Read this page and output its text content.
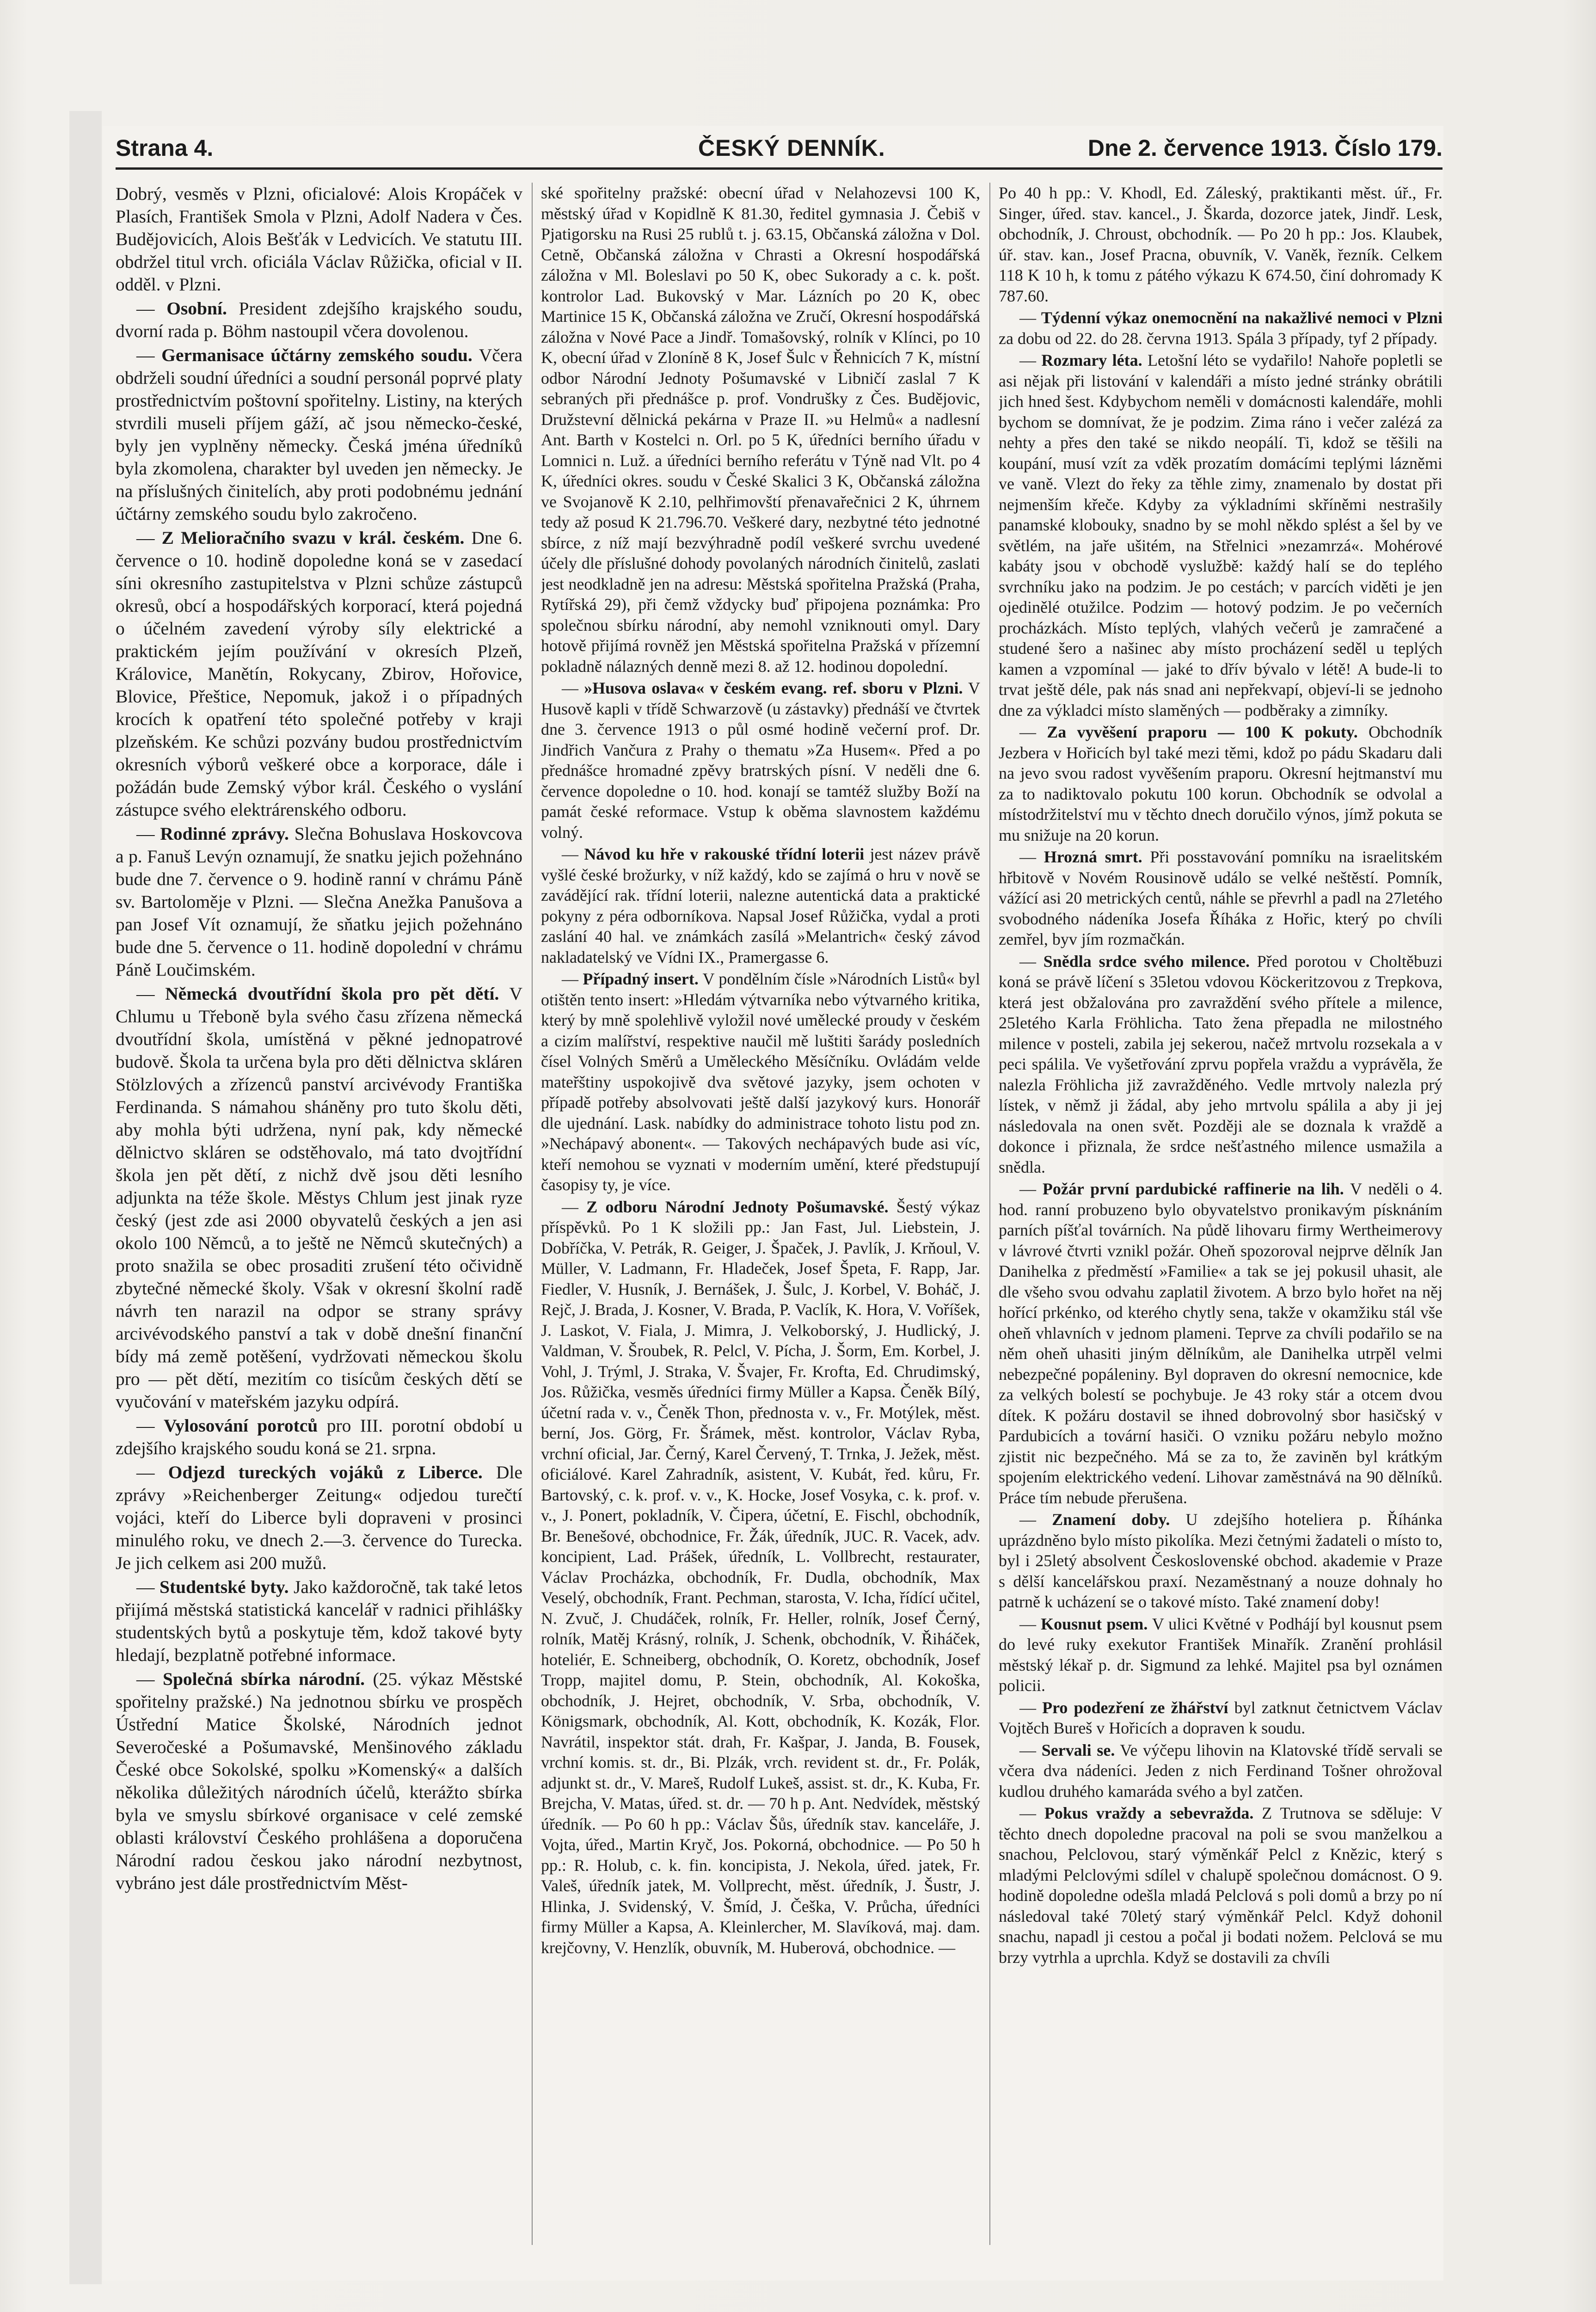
Strana 4.	ČESKÝ DENNÍK.	Dne 2. července 1913. Číslo 179.

Dobrý, vesměs v Plzni, oficialové: Alois Kropáček v Plasích, František Smola v Plzni, Adolf Nadera v Čes. Budějovicích, Alois Bešťák v Ledvicích. Ve statutu III. obdržel titul vrch. oficiála Václav Růžička, oficial v II. odděl. v Plzni.

— Osobní. President zdejšího krajského soudu, dvorní rada p. Böhm nastoupil včera dovolenou.

— Germanisace účtárny zemského soudu. Včera obdrželi soudní úředníci a soudní personál poprvé platy prostřednictvím poštovní spořitelny. Listiny, na kterých stvrdili museli příjem gáží, ač jsou německo-české, byly jen vyplněny německy. Česká jména úředníků byla zkomolena, charakter byl uveden jen německy. Je na příslušných činitelích, aby proti podobnému jednání účtárny zemského soudu bylo zakročeno.

— Z Melioračního svazu v král. českém. Dne 6. července o 10. hodině dopoledne koná se v zasedací síni okresního zastupitelstva v Plzni schůze zástupců okresů, obcí a hospodářských korporací, která pojedná o účelném zavedení výroby síly elektrické a praktickém jejím používání v okresích Plzeň, Královice, Manětín, Rokycany, Zbirov, Hořovice, Blovice, Přeštice, Nepomuk, jakož i o případných krocích k opatření této společné potřeby v kraji plzeňském. Ke schůzi pozvány budou prostřednictvím okresních výborů veškeré obce a korporace, dále i požádán bude Zemský výbor král. Českého o vyslání zástupce svého elektrárenského odboru.

— Rodinné zprávy. Slečna Bohuslava Hoskovcova a p. Fanuš Levýn oznamují, že snatku jejich požehnáno bude dne 7. července o 9. hodině ranní v chrámu Páně sv. Bartoloměje v Plzni. — Slečna Anežka Panušova a pan Josef Vít oznamují, že sňatku jejich požehnáno bude dne 5. července o 11. hodině dopolední v chrámu Páně Loučimském.

— Německá dvoutřídní škola pro pět dětí. V Chlumu u Třeboně byla svého času zřízena německá dvoutřídní škola, umístěná v pěkné jednopatrové budově. Škola ta určena byla pro děti dělnictva skláren Stölzlových a zřízenců panství arcivévody Františka Ferdinanda. S námahou sháněny pro tuto školu děti, aby mohla býti udržena, nyní pak, kdy německé dělnictvo skláren se odstěhovalo, má tato dvojtřídní škola jen pět dětí, z nichž dvě jsou děti lesního adjunkta na téže škole. Městys Chlum jest jinak ryze český (jest zde asi 2000 obyvatelů českých a jen asi okolo 100 Němců, a to ještě ne Němců skutečných) a proto snažila se obec prosaditi zrušení této očividně zbytečné německé školy. Však v okresní školní radě návrh ten narazil na odpor se strany správy arcivévodského panství a tak v době dnešní finanční bídy má země potěšení, vydržovati německou školu pro — pět dětí, mezitím co tisícům českých dětí se vyučování v mateřském jazyku odpírá.

— Vylosování porotců pro III. porotní období u zdejšího krajského soudu koná se 21. srpna.

— Odjezd tureckých vojáků z Liberce. Dle zprávy »Reichenberger Zeitung« odjedou turečtí vojáci, kteří do Liberce byli dopraveni v prosinci minulého roku, ve dnech 2.—3. července do Turecka. Je jich celkem asi 200 mužů.

— Studentské byty. Jako každoročně, tak také letos přijímá městská statistická kancelář v radnici přihlášky studentských bytů a poskytuje těm, kdož takové byty hledají, bezplatně potřebné informace.

— Společná sbírka národní. (25. výkaz Městské spořitelny pražské.) Na jednotnou sbírku ve prospěch Ústřední Matice Školské, Národních jednot Severočeské a Pošumavské, Menšinového základu České obce Sokolské, spolku »Komenský« a dalších několika důležitých národních účelů, kterážto sbírka byla ve smyslu sbírkové organisace v celé zemské oblasti království Českého prohlášena a doporučena Národní radou českou jako národní nezbytnost, vybráno jest dále prostřednictvím Měst-

ské spořitelny pražské: obecní úřad v Nelahozevsi 100 K, městský úřad v Kopidlně K 81.30, ředitel gymnasia J. Čebiš v Pjatigorsku na Rusi 25 rublů t. j. 63.15, Občanská záložna v Dol. Cetně, Občanská záložna v Chrasti a Okresní hospodářská záložna v Ml. Boleslavi po 50 K, obec Sukorady a c. k. pošt. kontrolor Lad. Bukovský v Mar. Lázních po 20 K, obec Martinice 15 K, Občanská záložna ve Zručí, Okresní hospodářská záložna v Nové Pace a Jindř. Tomašovský, rolník v Klínci, po 10 K, obecní úřad v Zloníně 8 K, Josef Šulc v Řehnicích 7 K, místní odbor Národní Jednoty Pošumavské v Libničí zaslal 7 K sebraných při přednášce p. prof. Vondrušky z Čes. Budějovic, Družstevní dělnická pekárna v Praze II. »u Helmů« a nadlesní Ant. Barth v Kostelci n. Orl. po 5 K, úředníci berního úřadu v Lomnici n. Luž. a úředníci berního referátu v Týně nad Vlt. po 4 K, úředníci okres. soudu v České Skalici 3 K, Občanská záložna ve Svojanově K 2.10, pelhřimovští přenavařečnici 2 K, úhrnem tedy až posud K 21.796.70. Veškeré dary, nezbytné této jednotné sbírce, z níž mají bezvýhradně podíl veškeré svrchu uvedené účely dle příslušné dohody povolaných národních činitelů, zaslati jest neodkladně jen na adresu: Městská spořitelna Pražská (Praha, Rytířská 29), při čemž vždycky buď připojena poznámka: Pro společnou sbírku národní, aby nemohl vzniknouti omyl. Dary hotově přijímá rovněž jen Městská spořitelna Pražská v přízemní pokladně nálazných denně mezi 8. až 12. hodinou dopolední.

— »Husova oslava« v českém evang. ref. sboru v Plzni. V Husově kapli v třídě Schwarzově (u zástavky) přednáší ve čtvrtek dne 3. července 1913 o půl osmé hodině večerní prof. Dr. Jindřich Vančura z Prahy o thematu »Za Husem«. Před a po přednášce hromadné zpěvy bratrských písní. V neděli dne 6. července dopoledne o 10. hod. konají se tamtéž služby Boží na památ české reformace. Vstup k oběma slavnostem každému volný.

— Návod ku hře v rakouské třídní loterii jest název právě vyšlé české brožurky, v níž každý, kdo se zajímá o hru v nově se zavádějící rak. třídní loterii, nalezne autentická data a praktické pokyny z péra odborníkova. Napsal Josef Růžička, vydal a proti zaslání 40 hal. ve známkách zasílá »Melantrich« český závod nakladatelský ve Vídni IX., Pramergasse 6.

— Případný insert. V pondělním čísle »Národních Listů« byl otištěn tento insert: »Hledám výtvarníka nebo výtvarného kritika, který by mně spolehlivě vyložil nové umělecké proudy v českém a cizím malířství, respektive naučil mě luštiti šarády posledních čísel Volných Směrů a Uměleckého Měsíčníku. Ovládám velde mateřštiny uspokojivě dva světové jazyky, jsem ochoten v případě potřeby absolvovati ještě další jazykový kurs. Honorář dle ujednání. Lask. nabídky do administrace tohoto listu pod zn. »Nechápavý abonent«. — Takových nechápavých bude asi víc, kteří nemohou se vyznati v moderním umění, které předstupují časopisy ty, je více.

— Z odboru Národní Jednoty Pošumavské. Šestý výkaz příspěvků. Po 1 K složili pp.: Jan Fast, Jul. Liebstein, J. Dobříčka, V. Petrák, R. Geiger, J. Špaček, J. Pavlík, J. Krňoul, V. Müller, V. Ladmann, Fr. Hladeček, Josef Špeta, F. Rapp, Jar. Fiedler, V. Husník, J. Bernášek, J. Šulc, J. Korbel, V. Boháč, J. Rejč, J. Brada, J. Kosner, V. Brada, P. Vaclík, K. Hora, V. Voříšek, J. Laskot, V. Fiala, J. Mimra, J. Velkoborský, J. Hudlický, J. Valdman, V. Šroubek, R. Pelcl, V. Pícha, J. Šorm, Em. Korbel, J. Vohl, J. Trýml, J. Straka, V. Švajer, Fr. Krofta, Ed. Chrudimský, Jos. Růžička, vesměs úředníci firmy Müller a Kapsa. Čeněk Bílý, účetní rada v. v., Čeněk Thon, přednosta v. v., Fr. Motýlek, měst. berní, Jos. Görg, Fr. Šrámek, měst. kontrolor, Václav Ryba, vrchní oficial, Jar. Černý, Karel Červený, T. Trnka, J. Ježek, měst. oficiálové. Karel Zahradník, asistent, V. Kubát, řed. kůru, Fr. Bartovský, c. k. prof. v. v., K. Hocke, Josef Vosyka, c. k. prof. v. v., J. Ponert, pokladník, V. Čipera, účetní, E. Fischl, obchodník, Br. Benešové, obchodnice, Fr. Žák, úředník, JUC. R. Vacek, adv. koncipient, Lad. Prášek, úředník, L. Vollbrecht, restaurater, Václav Procházka, obchodník, Fr. Dudla, obchodník, Max Veselý, obchodník, Frant. Pechman, starosta, V. Icha, řídící učitel, N. Zvuč, J. Chudáček, rolník, Fr. Heller, rolník, Josef Černý, rolník, Matěj Krásný, rolník, J. Schenk, obchodník, V. Řiháček, hoteliér, E. Schneiberg, obchodník, O. Koretz, obchodník, Josef Tropp, majitel domu, P. Stein, obchodník, Al. Kokoška, obchodník, J. Hejret, obchodník, V. Srba, obchodník, V. Königsmark, obchodník, Al. Kott, obchodník, K. Kozák, Flor. Navrátil, inspektor stát. drah, Fr. Kašpar, J. Janda, B. Fousek, vrchní komis. st. dr., Bi. Plzák, vrch. revident st. dr., Fr. Polák, adjunkt st. dr., V. Mareš, Rudolf Lukeš, assist. st. dr., K. Kuba, Fr. Brejcha, V. Matas, úřed. st. dr. — 70 h p. Ant. Nedvídek, městský úředník. — Po 60 h pp.: Václav Šůs, úředník stav. kanceláře, J. Vojta, úřed., Martin Kryč, Jos. Pokorná, obchodnice. — Po 50 h pp.: R. Holub, c. k. fin. koncipista, J. Nekola, úřed. jatek, Fr. Valeš, úředník jatek, M. Vollprecht, měst. úředník, J. Šustr, J. Hlinka, J. Svidenský, V. Šmíd, J. Češka, V. Průcha, úředníci firmy Müller a Kapsa, A. Kleinlercher, M. Slavíková, maj. dam. krejčovny, V. Henzlík, obuvník, M. Huberová, obchodnice. —

Po 40 h pp.: V. Khodl, Ed. Záleský, praktikanti měst. úř., Fr. Singer, úřed. stav. kancel., J. Škarda, dozorce jatek, Jindř. Lesk, obchodník, J. Chroust, obchodník. — Po 20 h pp.: Jos. Klaubek, úř. stav. kan., Josef Pracna, obuvník, V. Vaněk, řezník. Celkem 118 K 10 h, k tomu z pátého výkazu K 674.50, činí dohromady K 787.60.

— Týdenní výkaz onemocnění na nakažlivé nemoci v Plzni za dobu od 22. do 28. června 1913. Spála 3 případy, tyf 2 případy.

— Rozmary léta. Letošní léto se vydařilo! Nahoře popletli se asi nějak při listování v kalendáři a místo jedné stránky obrátili jich hned šest. Kdybychom neměli v domácnosti kalendáře, mohli bychom se domnívat, že je podzim. Zima ráno i večer zalézá za nehty a přes den také se nikdo neopálí. Ti, kdož se těšili na koupání, musí vzít za vděk prozatím domácími teplými lázněmi ve vaně. Vlezt do řeky za těhle zimy, znamenalo by dostat při nejmenším křeče. Kdyby za výkladními skříněmi nestrašily panamské klobouky, snadno by se mohl někdo splést a šel by ve světlém, na jaře ušitém, na Střelnici »nezamrzá«. Mohérové kabáty jsou v obchodě vyslužbě: každý halí se do teplého svrchníku jako na podzim. Je po cestách; v parcích viděti je jen ojedinělé otužilce. Podzim — hotový podzim. Je po večerních procházkách. Místo teplých, vlahých večerů je zamračené a studené šero a našinec aby místo procházení seděl u teplých kamen a vzpomínal — jaké to dřív bývalo v létě! A bude-li to trvat ještě déle, pak nás snad ani nepřekvapí, objeví-li se jednoho dne za výkladci místo slaměných — podběraky a zimníky.

— Za vyvěšení praporu — 100 K pokuty. Obchodník Jezbera v Hořicích byl také mezi těmi, kdož po pádu Skadaru dali na jevo svou radost vyvěšením praporu. Okresní hejtmanství mu za to nadiktovalo pokutu 100 korun. Obchodník se odvolal a místodržitelství mu v těchto dnech doručilo výnos, jímž pokuta se mu snižuje na 20 korun.

— Hrozná smrt. Při posstavování pomníku na israelitském hřbitově v Novém Rousinově událo se velké neštěstí. Pomník, vážící asi 20 metrických centů, náhle se převrhl a padl na 27letého svobodného nádeníka Josefa Říháka z Hořic, který po chvíli zemřel, byv jím rozmačkán.

— Snědla srdce svého milence. Před porotou v Choltěbuzi koná se právě líčení s 35letou vdovou Köckeritzovou z Trepkova, která jest obžalována pro zavraždění svého přítele a milence, 25letého Karla Fröhlicha. Tato žena přepadla ne milostného milence v posteli, zabila jej sekerou, načež mrtvolu rozsekala a v peci spálila. Ve vyšetřování zprvu popřela vraždu a vyprávěla, že nalezla Fröhlicha již zavražděného. Vedle mrtvoly nalezla prý lístek, v němž ji žádal, aby jeho mrtvolu spálila a aby ji jej následovala na onen svět. Později ale se doznala k vraždě a dokonce i přiznala, že srdce nešťastného milence usmažila a snědla.

— Požár první pardubické raffinerie na lih. V neděli o 4. hod. ranní probuzeno bylo obyvatelstvo pronikavým písknáním parních píšťal továrních. Na půdě lihovaru firmy Wertheimerovy v lávrové čtvrti vznikl požár. Oheň spozoroval nejprve dělník Jan Danihelka z předměstí »Familie« a tak se jej pokusil uhasit, ale dle všeho svou odvahu zaplatil životem. A brzo bylo hořet na něj hořící prkénko, od kterého chytly sena, takže v okamžiku stál vše oheň vhlavních v jednom plameni. Teprve za chvíli podařilo se na něm oheň uhasiti jiným dělníkům, ale Danihelka utrpěl velmi nebezpečné popáleniny. Byl dopraven do okresní nemocnice, kde za velkých bolestí se pochybuje. Je 43 roky stár a otcem dvou dítek. K požáru dostavil se ihned dobrovolný sbor hasičský v Pardubicích a tovární hasiči. O vzniku požáru nebylo možno zjistit nic bezpečného. Má se za to, že zaviněn byl krátkým spojením elektrického vedení. Lihovar zaměstnává na 90 dělníků. Práce tím nebude přerušena.

— Znamení doby. U zdejšího hoteliera p. Říhánka uprázdněno bylo místo pikolíka. Mezi četnými žadateli o místo to, byl i 25letý absolvent Československé obchod. akademie v Praze s dělší kancelářskou praxí. Nezaměstnaný a nouze dohnaly ho patrně k ucházení se o takové místo. Také znamení doby!

— Kousnut psem. V ulici Květné v Podhájí byl kousnut psem do levé ruky exekutor František Minařík. Zranění prohlásil městský lékař p. dr. Sigmund za lehké. Majitel psa byl oznámen policii.

— Pro podezření ze žhářství byl zatknut četnictvem Václav Vojtěch Bureš v Hořicích a dopraven k soudu.

— Servali se. Ve výčepu lihovin na Klatovské třídě servali se včera dva nádeníci. Jeden z nich Ferdinand Tošner ohrožoval kudlou druhého kamaráda svého a byl zatčen.

— Pokus vraždy a sebevražda. Z Trutnova se sděluje: V těchto dnech dopoledne pracoval na poli se svou manželkou a snachou, Pelclovou, starý výměnkář Pelcl z Knězic, který s mladými Pelclovými sdílel v chalupě společnou domácnost. O 9. hodině dopoledne odešla mladá Pelclová s poli domů a brzy po ní následoval také 70letý starý výměnkář Pelcl. Když dohonil snachu, napadl ji cestou a počal ji bodati nožem. Pelclová se mu brzy vytrhla a uprchla. Když se dostavili za chvíli
